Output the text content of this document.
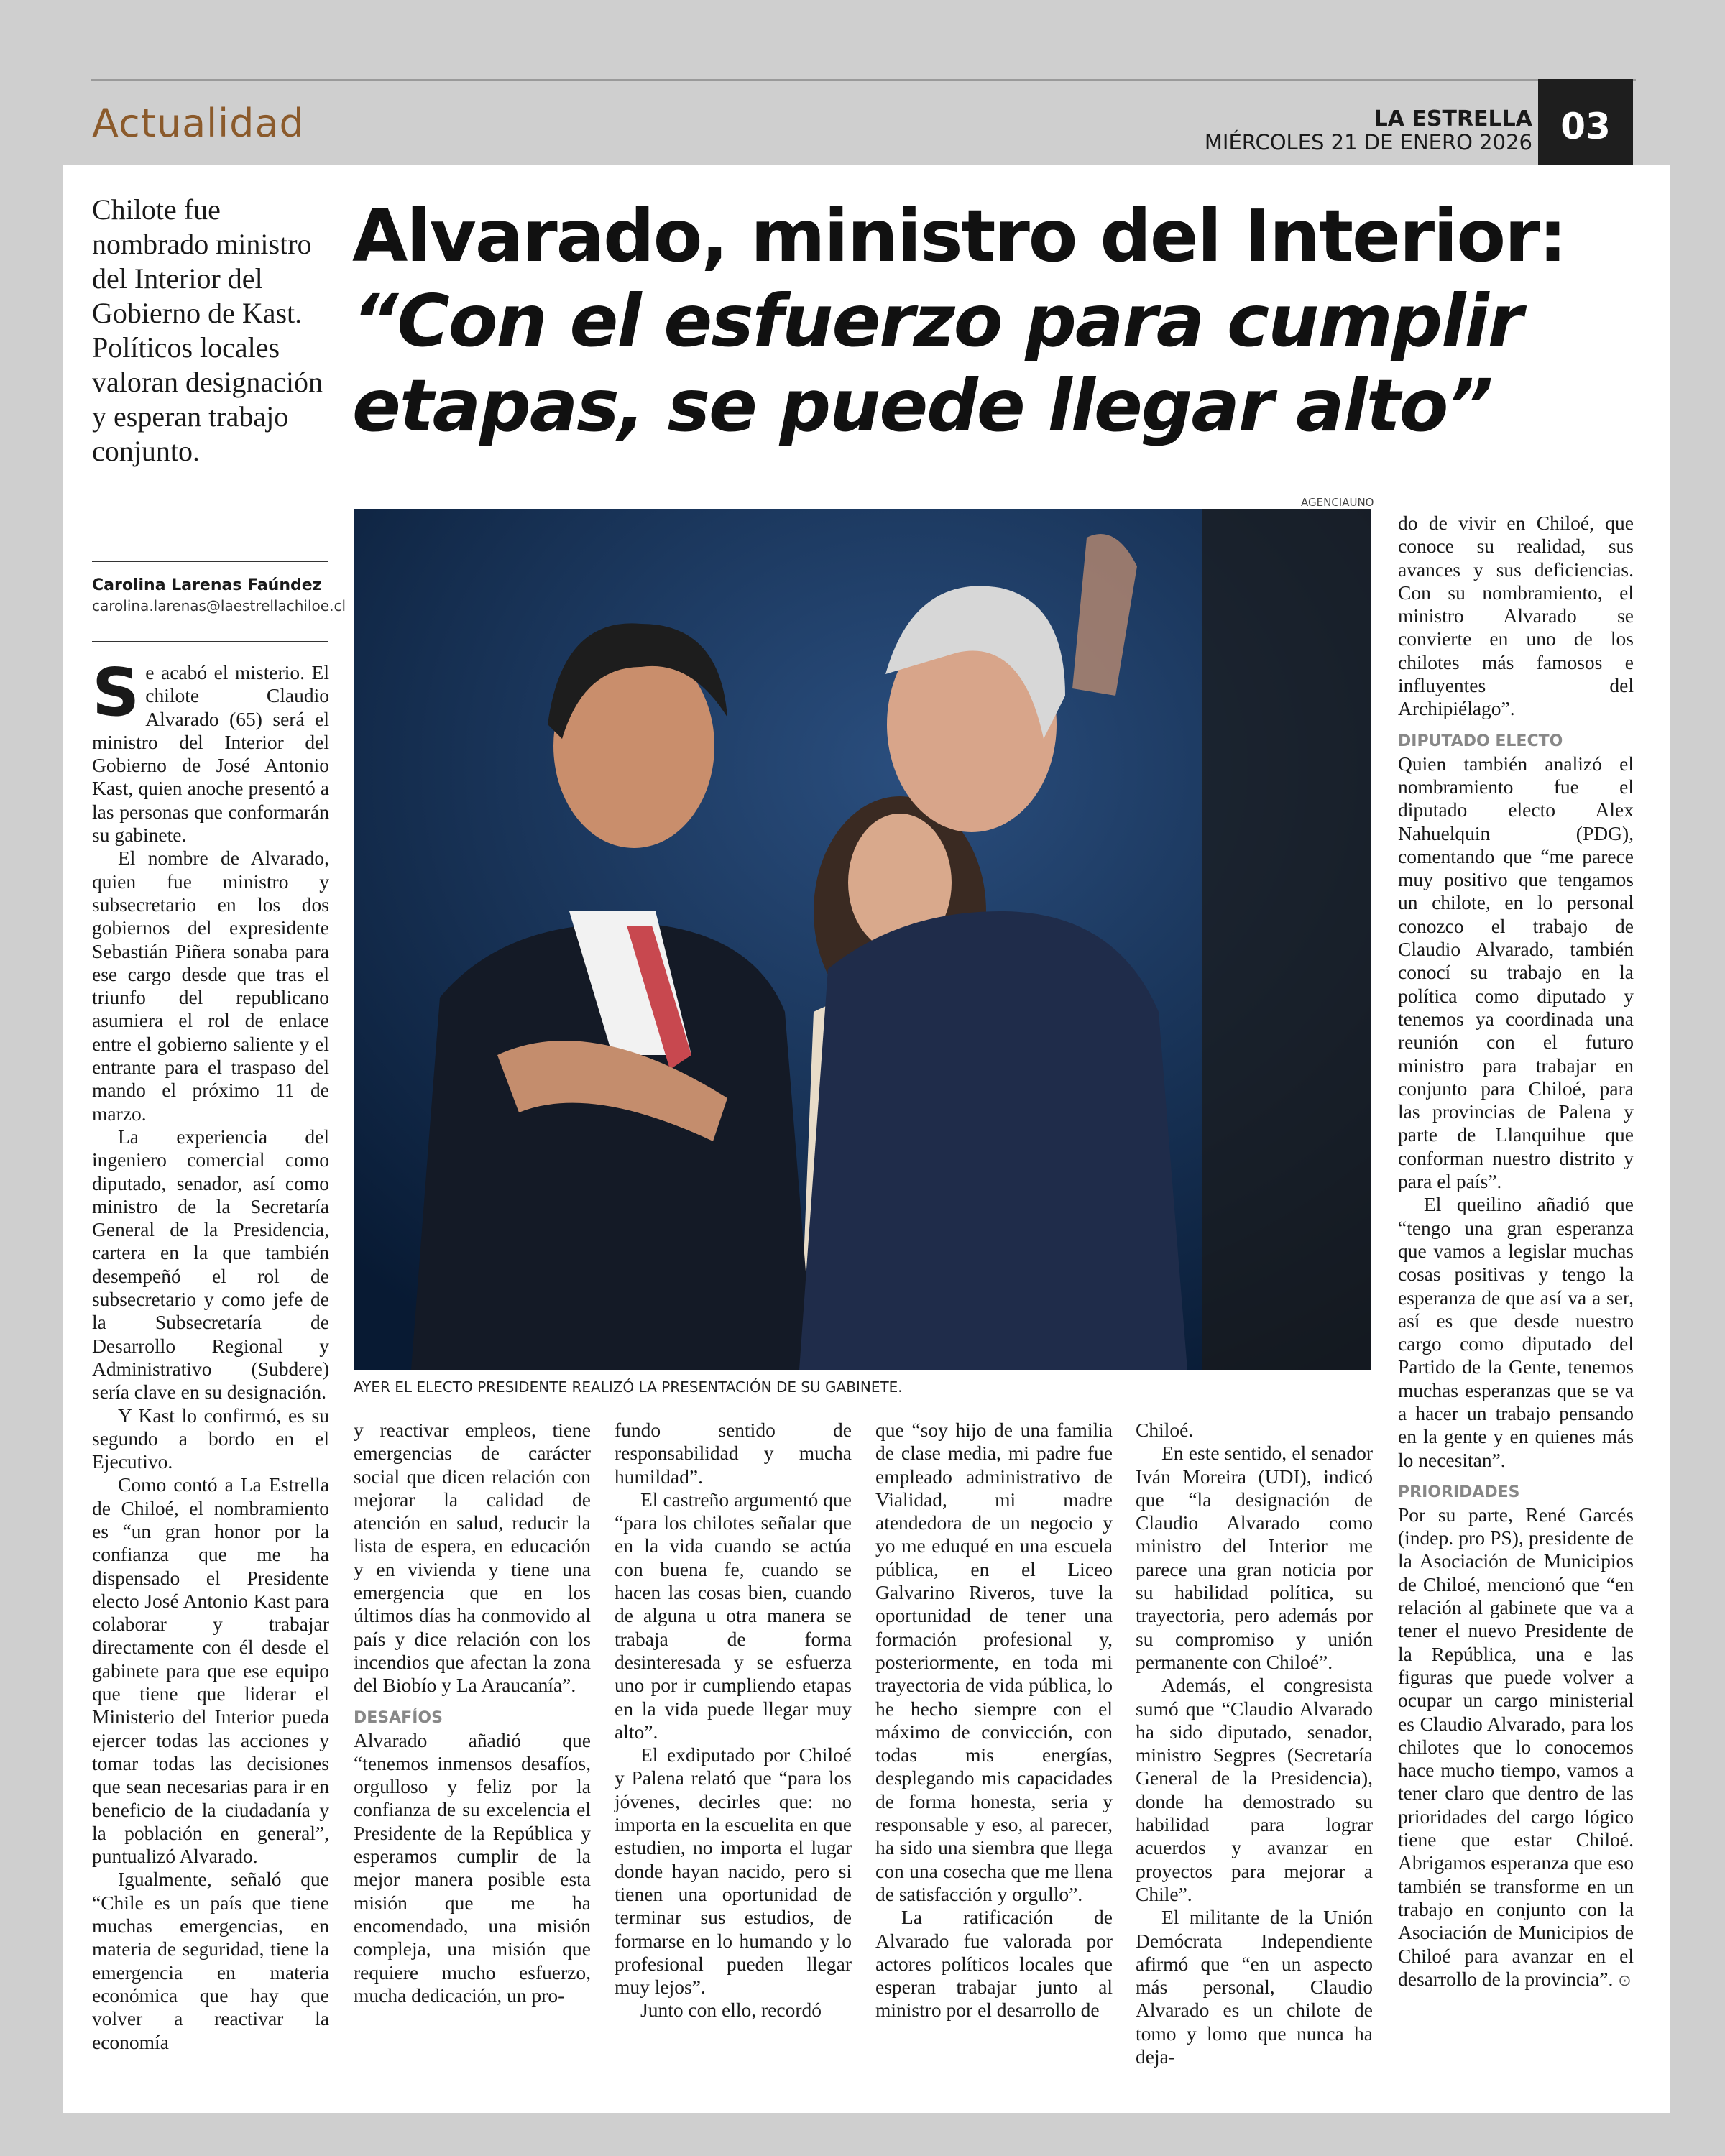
Actualidad	LA ESTRELLA
MIÉRCOLES 21 DE ENERO 2026 03
Chilote fue nombrado ministro del Interior del Gobierno de Kast. Políticos locales valoran designación y esperan trabajo conjunto.
Carolina Larenas Faúndez
carolina.larenas@laestrellachiloe.cl
Alvarado, ministro del Interior:
“Con el esfuerzo para cumplir
etapas, se puede llegar alto”
AGENCIAUNO
AYER EL ELECTO PRESIDENTE REALIZÓ LA PRESENTACIÓN DE SU GABINETE.

Se acabó el misterio. El chilote Claudio Alvarado (65) será el ministro del Interior del Gobierno de José Antonio Kast, quien anoche presentó a las personas que conformarán su gabinete.

El nombre de Alvarado, quien fue ministro y subsecretario en los dos gobiernos del expresidente Sebastián Piñera sonaba para ese cargo desde que tras el triunfo del republicano asumiera el rol de enlace entre el gobierno saliente y el entrante para el traspaso del mando el próximo 11 de marzo.

La experiencia del ingeniero comercial como diputado, senador, así como ministro de la Secretaría General de la Presidencia, cartera en la que también desempeñó el rol de subsecretario y como jefe de la Subsecretaría de Desarrollo Regional y Administrativo (Subdere) sería clave en su designación.

Y Kast lo confirmó, es su segundo a bordo en el Ejecutivo.

Como contó a La Estrella de Chiloé, el nombramiento es “un gran honor por la confianza que me ha dispensado el Presidente electo José Antonio Kast para colaborar y trabajar directamente con él desde el gabinete para que ese equipo que tiene que liderar el Ministerio del Interior pueda ejercer todas las acciones y tomar todas las decisiones que sean necesarias para ir en beneficio de la ciudadanía y la población en general”, puntualizó Alvarado.

Igualmente, señaló que “Chile es un país que tiene muchas emergencias, en materia de seguridad, tiene la emergencia en materia económica que hay que volver a reactivar la economía

y reactivar empleos, tiene emergencias de carácter social que dicen relación con mejorar la calidad de atención en salud, reducir la lista de espera, en educación y en vivienda y tiene una emergencia que en los últimos días ha conmovido al país y dice relación con los incendios que afectan la zona del Biobío y La Araucanía”.

DESAFÍOS

Alvarado añadió que “tenemos inmensos desafíos, orgulloso y feliz por la confianza de su excelencia el Presidente de la República y esperamos cumplir de la mejor manera posible esta misión que me ha encomendado, una misión compleja, una misión que requiere mucho esfuerzo, mucha dedicación, un pro-

fundo sentido de responsabilidad y mucha humildad”.

El castreño argumentó que “para los chilotes señalar que en la vida cuando se actúa con buena fe, cuando se hacen las cosas bien, cuando de alguna u otra manera se trabaja de forma desinteresada y se esfuerza uno por ir cumpliendo etapas en la vida puede llegar muy alto”.

El exdiputado por Chiloé y Palena relató que “para los jóvenes, decirles que: no importa en la escuelita en que estudien, no importa el lugar donde hayan nacido, pero si tienen una oportunidad de terminar sus estudios, de formarse en lo humando y lo profesional pueden llegar muy lejos”.

Junto con ello, recordó

que “soy hijo de una familia de clase media, mi padre fue empleado administrativo de Vialidad, mi madre atendedora de un negocio y yo me eduqué en una escuela pública, en el Liceo Galvarino Riveros, tuve la oportunidad de tener una formación profesional y, posteriormente, en toda mi trayectoria de vida pública, lo he hecho siempre con el máximo de convicción, con todas mis energías, desplegando mis capacidades de forma honesta, seria y responsable y eso, al parecer, ha sido una siembra que llega con una cosecha que me llena de satisfacción y orgullo”.

La ratificación de Alvarado fue valorada por actores políticos locales que esperan trabajar junto al ministro por el desarrollo de

Chiloé.

En este sentido, el senador Iván Moreira (UDI), indicó que “la designación de Claudio Alvarado como ministro del Interior me parece una gran noticia por su habilidad política, su trayectoria, pero además por su compromiso y unión permanente con Chiloé”.

Además, el congresista sumó que “Claudio Alvarado ha sido diputado, senador, ministro Segpres (Secretaría General de la Presidencia), donde ha demostrado su habilidad para lograr acuerdos y avanzar en proyectos para mejorar a Chile”.

El militante de la Unión Demócrata Independiente afirmó que “en un aspecto más personal, Claudio Alvarado es un chilote de tomo y lomo que nunca ha deja-

do de vivir en Chiloé, que conoce su realidad, sus avances y sus deficiencias. Con su nombramiento, el ministro Alvarado se convierte en uno de los chilotes más famosos e influyentes del Archipiélago”.

DIPUTADO ELECTO

Quien también analizó el nombramiento fue el diputado electo Alex Nahuelquin (PDG), comentando que “me parece muy positivo que tengamos un chilote, en lo personal conozco el trabajo de Claudio Alvarado, también conocí su trabajo en la política como diputado y tenemos ya coordinada una reunión con el futuro ministro para trabajar en conjunto para Chiloé, para las provincias de Palena y parte de Llanquihue que conforman nuestro distrito y para el país”.

El queilino añadió que “tengo una gran esperanza que vamos a legislar muchas cosas positivas y tengo la esperanza de que así va a ser, así es que desde nuestro cargo como diputado del Partido de la Gente, tenemos muchas esperanzas que se va a hacer un trabajo pensando en la gente y en quienes más lo necesitan”.

PRIORIDADES

Por su parte, René Garcés (indep. pro PS), presidente de la Asociación de Municipios de Chiloé, mencionó que “en relación al gabinete que va a tener el nuevo Presidente de la República, una e las figuras que puede volver a ocupar un cargo ministerial es Claudio Alvarado, para los chilotes que lo conocemos hace mucho tiempo, vamos a tener claro que dentro de las prioridades del cargo lógico tiene que estar Chiloé. Abrigamos esperanza que eso también se transforme en un trabajo en conjunto con la Asociación de Municipios de Chiloé para avanzar en el desarrollo de la provincia”. ⊙
